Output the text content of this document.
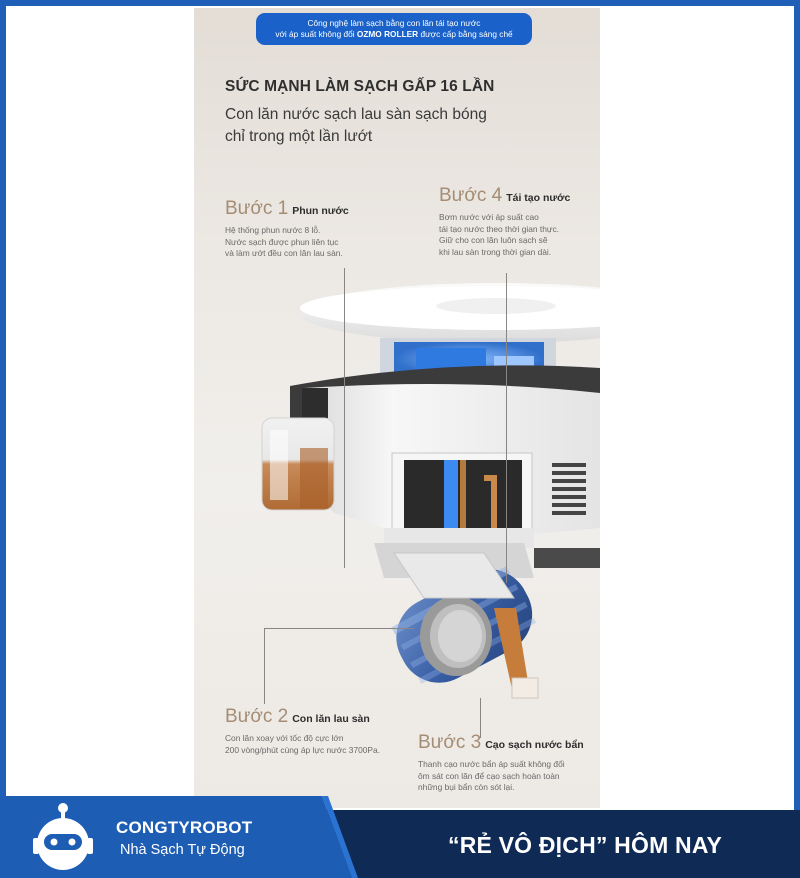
Công nghệ làm sạch bằng con lăn tái tạo nước
với áp suất không đổi OZMO ROLLER được cấp bằng sáng chế
SỨC MẠNH LÀM SẠCH GẤP 16 LẦN
Con lăn nước sạch lau sàn sạch bóng
chỉ trong một lần lướt
Bước 1 Phun nước
Hệ thống phun nước 8 lỗ.
Nước sạch được phun liên tục
và làm ướt đều con lăn lau sàn.
Bước 4 Tái tạo nước
Bơm nước với áp suất cao
tái tạo nước theo thời gian thực.
Giữ cho con lăn luôn sạch sẽ
khi lau sàn trong thời gian dài.
Bước 2 Con lăn lau sàn
Con lăn xoay với tốc độ cực lớn
200 vòng/phút cùng áp lực nước 3700Pa. Bước 3 Cạo sạch nước bẩn
Thanh cạo nước bẩn áp suất không đổi
ôm sát con lăn để cạo sạch hoàn toàn
những bụi bẩn còn sót lại.
CONGTYROBOT
Nhà Sạch Tự Động	“RẺ VÔ ĐỊCH” HÔM NAY
